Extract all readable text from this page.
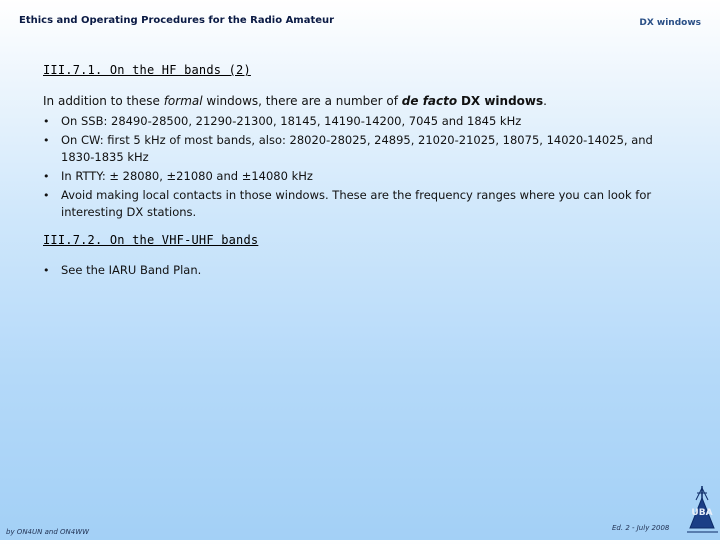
Ethics and Operating Procedures for the Radio Amateur	DX windows
III.7.1. On the HF bands (2)
In addition to these formal windows, there are a number of de facto DX windows.
• On SSB: 28490-28500, 21290-21300, 18145, 14190-14200, 7045 and 1845 kHz
• On CW: first 5 kHz of most bands, also: 28020-28025, 24895, 21020-21025, 18075, 14020-14025, and 1830-1835 kHz
• In RTTY: ± 28080, ±21080 and ±14080 kHz
• Avoid making local contacts in those windows. These are the frequency ranges where you can look for interesting DX stations.
III.7.2. On the VHF-UHF bands
• See the IARU Band Plan.
by ON4UN and ON4WW	Ed. 2 - July 2008
UBA
